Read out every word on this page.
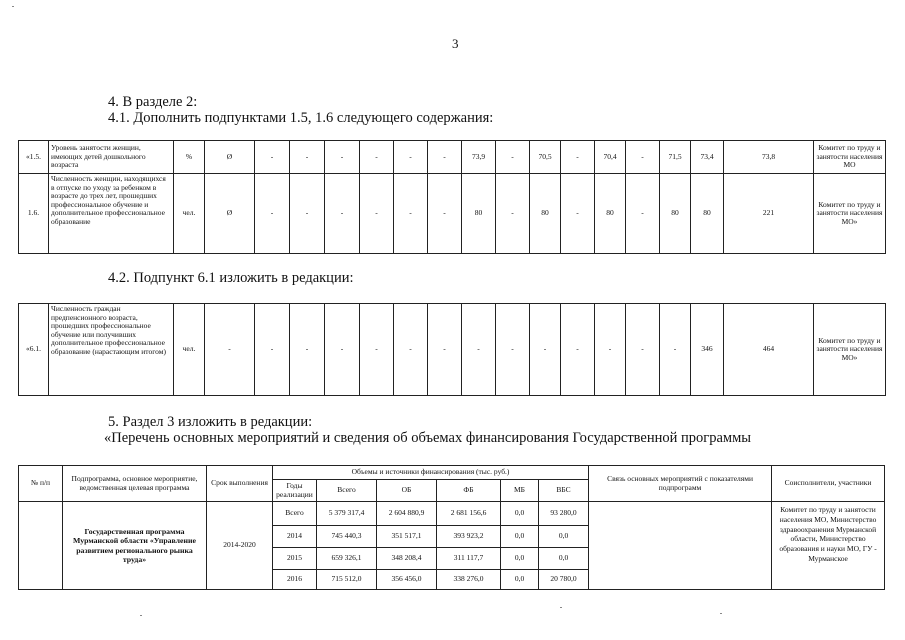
3
4. В разделе 2:
4.1. Дополнить подпунктами 1.5, 1.6 следующего содержания:
«1.5.	Уровень занятости женщин, имеющих детей дошкольного возраста	%	Ø	-	-	-	-	-	-	73,9	-	70,5	-	70,4	-	71,5	73,4	73,8	Комитет по труду и занятости населения МО
1.6.	Численность женщин, находящихся в отпуске по уходу за ребенком в возрасте до трех лет, прошедших профессиональное обучение и дополнительное профессиональное образование	чел.	Ø	-	-	-	-	-	-	80	-	80	-	80	-	80	80	221	Комитет по труду и занятости населения МО»
4.2. Подпункт 6.1 изложить в редакции:
«6.1.	Численность граждан предпенсионного возраста, прошедших профессиональное обучение или получивших дополнительное профессиональное образование (нарастающим итогом)	чел.	-	-	-	-	-	-	-	-	-	-	-	-	-	-	346	464	Комитет по труду и занятости населения МО»
5. Раздел 3 изложить в редакции:
«Перечень основных мероприятий и сведения об объемах финансирования Государственной программы
№ п/п	Подпрограмма, основное мероприятие, ведомственная целевая программа	Срок выполнения	Объемы и источники финансирования (тыс. руб.)						Связь основных мероприятий с показателями подпрограмм	Соисполнители, участники
			Годы реализации	Всего	ОБ	ФБ	МБ	ВБС		
	Государственная программа Мурманской области «Управление развитием регионального рынка труда»	2014-2020	Всего	5 379 317,4	2 604 880,9	2 681 156,6	0,0	93 280,0		Комитет по труду и занятости населения МО, Министерство здравоохранения Мурманской области, Министерство образования и науки МО, ГУ - Мурманское
			2014	745 440,3	351 517,1	393 923,2	0,0	0,0		
			2015	659 326,1	348 208,4	311 117,7	0,0	0,0		
			2016	715 512,0	356 456,0	338 276,0	0,0	20 780,0		
